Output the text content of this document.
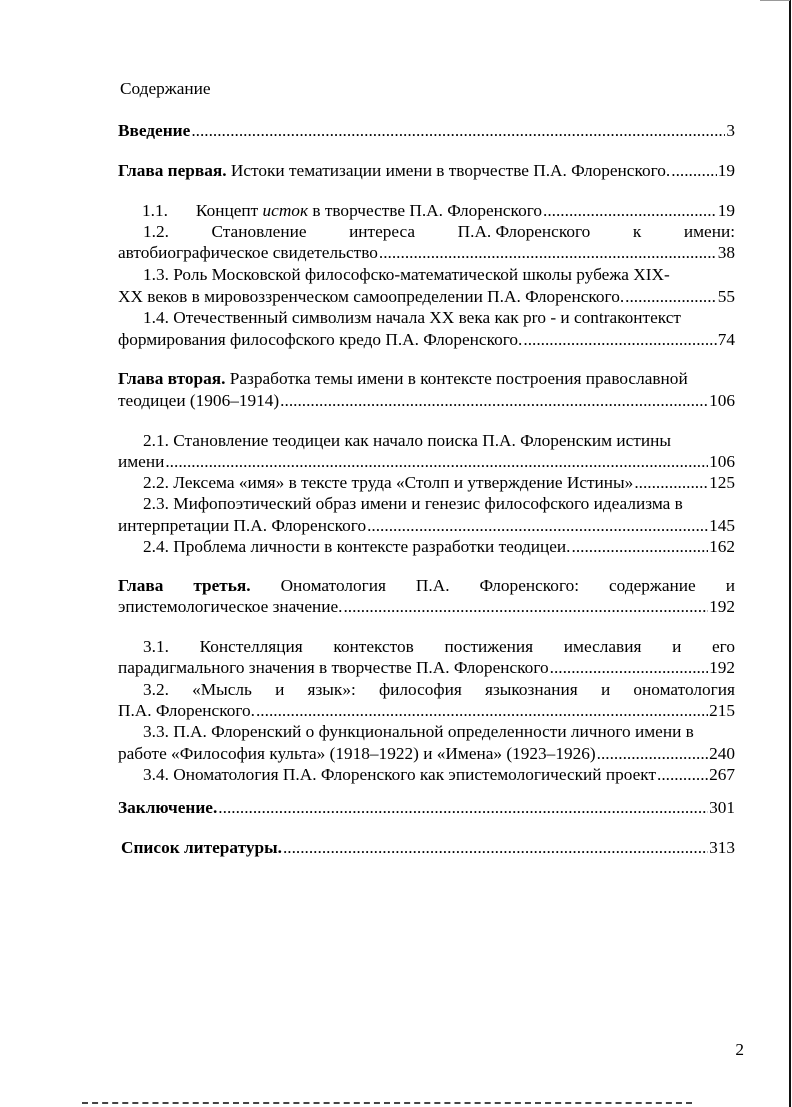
Содержание
Введение .....	3
Глава первая. Истоки тематизации имени в творчестве П.А. Флоренского. .....	19
1.1. Концепт исток в творчестве П.А. Флоренского .....	19
1.2. Становление интереса П.А. Флоренского к имени:
автобиографическое свидетельство .....	38
1.3. Роль Московской философско-математической школы рубежа XIX-
XX веков в мировоззренческом самоопределении П.А. Флоренского. .....	55
1.4. Отечественный символизм начала XX века как pro - и contraконтекст
формирования философского кредо П.А. Флоренского. .....	74
Глава вторая. Разработка темы имени в контексте построения православной
теодицеи (1906–1914) .....	106
2.1. Становление теодицеи как начало поиска П.А. Флоренским истины
имени .....	106
2.2. Лексема «имя» в тексте труда «Столп и утверждение Истины» .....	125
2.3. Мифопоэтический образ имени и генезис философского идеализма в
интерпретации П.А. Флоренского .....	145
2.4. Проблема личности в контексте разработки теодицеи. .....	162
Глава третья. Ономатология П.А. Флоренского: содержание и
эпистемологическое значение. .....	192
3.1. Констелляция контекстов постижения имеславия и его
парадигмального значения в творчестве П.А. Флоренского .....	192
3.2. «Мысль и язык»: философия языкознания и ономатология
П.А. Флоренского. .....	215
3.3. П.А. Флоренский о функциональной определенности личного имени в
работе «Философия культа» (1918–1922) и «Имена» (1923–1926) .....	240
3.4. Ономатология П.А. Флоренского как эпистемологический проект .....	267
Заключение. .....	301
Список литературы. .....	313
2
